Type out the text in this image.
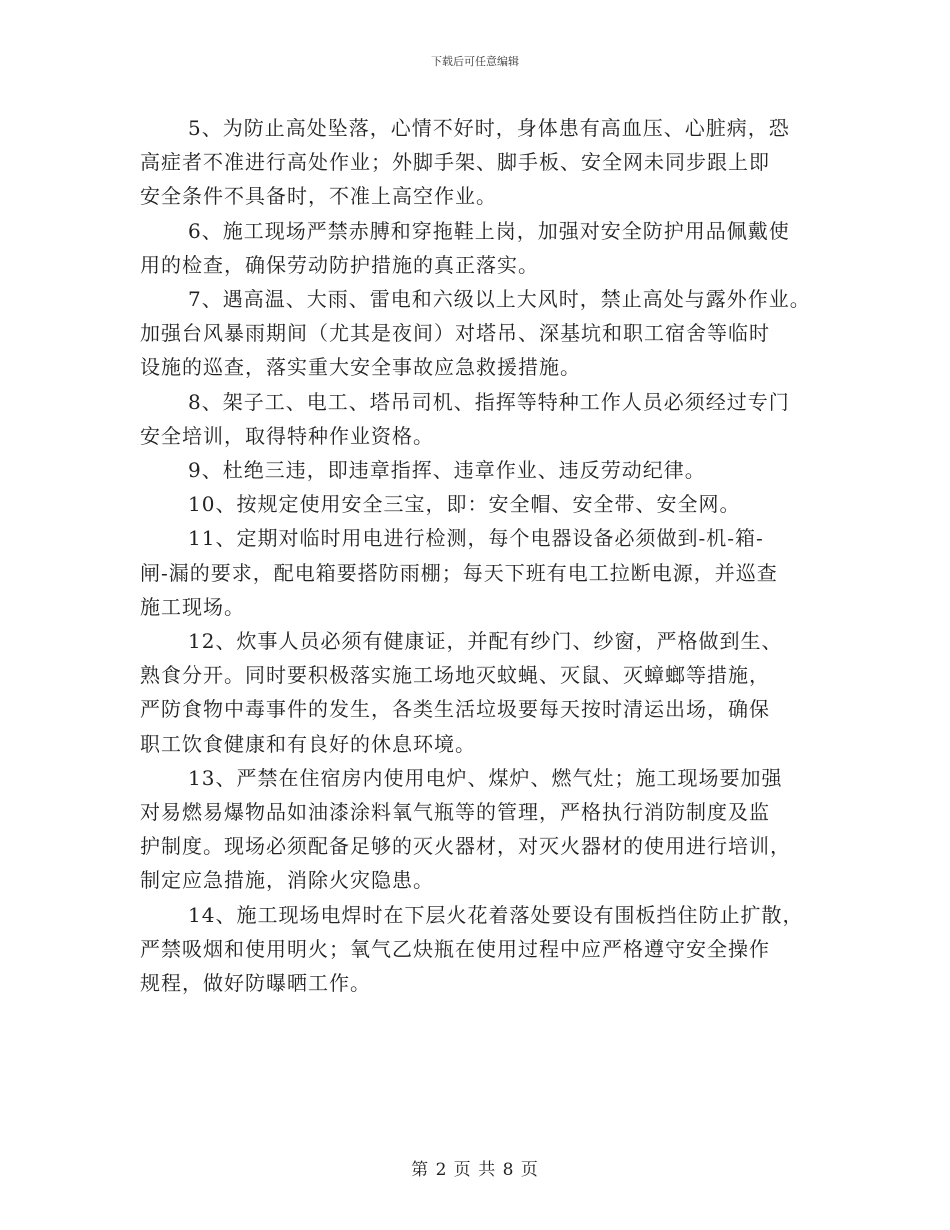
下载后可任意编辑
5、为防止高处坠落，心情不好时，身体患有高血压、心脏病，恐
高症者不准进行高处作业；外脚手架、脚手板、安全网未同步跟上即
安全条件不具备时，不准上高空作业。
6、施工现场严禁赤膊和穿拖鞋上岗，加强对安全防护用品佩戴使
用的检查，确保劳动防护措施的真正落实。
7、遇高温、大雨、雷电和六级以上大风时，禁止高处与露外作业。
加强台风暴雨期间（尤其是夜间）对塔吊、深基坑和职工宿舍等临时
设施的巡查，落实重大安全事故应急救援措施。
8、架子工、电工、塔吊司机、指挥等特种工作人员必须经过专门
安全培训，取得特种作业资格。
9、杜绝三违，即违章指挥、违章作业、违反劳动纪律。
10、按规定使用安全三宝，即：安全帽、安全带、安全网。
11、定期对临时用电进行检测，每个电器设备必须做到-机-箱-
闸-漏的要求，配电箱要搭防雨棚；每天下班有电工拉断电源，并巡查
施工现场。
12、炊事人员必须有健康证，并配有纱门、纱窗，严格做到生、
熟食分开。同时要积极落实施工场地灭蚊蝇、灭鼠、灭蟑螂等措施，
严防食物中毒事件的发生，各类生活垃圾要每天按时清运出场，确保
职工饮食健康和有良好的休息环境。
13、严禁在住宿房内使用电炉、煤炉、燃气灶；施工现场要加强
对易燃易爆物品如油漆涂料氧气瓶等的管理，严格执行消防制度及监
护制度。现场必须配备足够的灭火器材，对灭火器材的使用进行培训，
制定应急措施，消除火灾隐患。
14、施工现场电焊时在下层火花着落处要设有围板挡住防止扩散，
严禁吸烟和使用明火；氧气乙炔瓶在使用过程中应严格遵守安全操作
规程，做好防曝晒工作。
第 2 页 共 8 页
